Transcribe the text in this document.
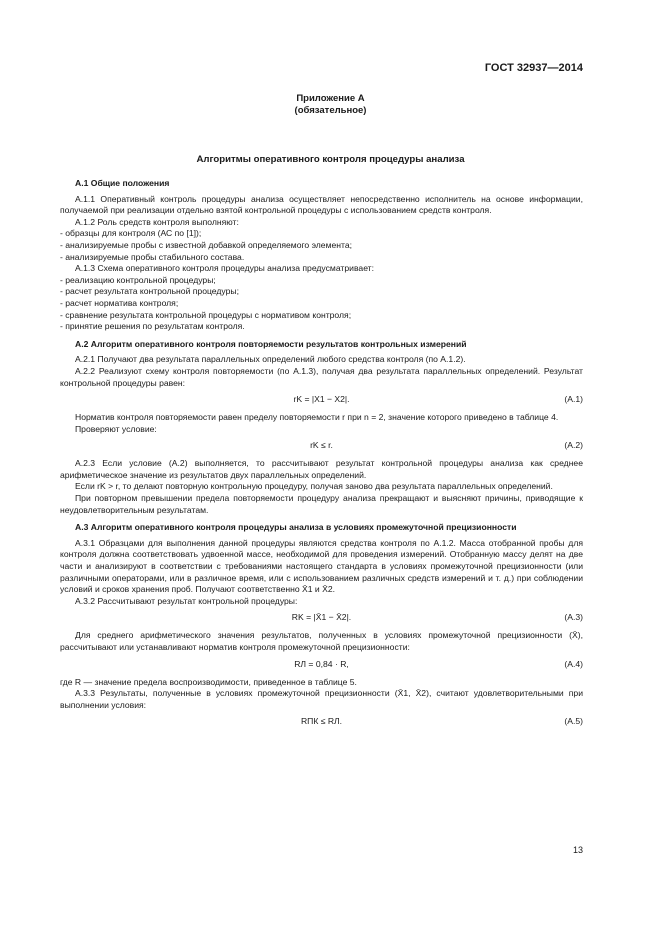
ГОСТ 32937—2014
Приложение А
(обязательное)
Алгоритмы оперативного контроля процедуры анализа

А.1 Общие положения

А.1.1 Оперативный контроль процедуры анализа осуществляет непосредственно исполнитель на основе информации, получаемой при реализации отдельно взятой контрольной процедуры с использованием средств контроля.

А.1.2 Роль средств контроля выполняют:

- образцы для контроля (АС по [1]);

- анализируемые пробы с известной добавкой определяемого элемента;

- анализируемые пробы стабильного состава.

А.1.3 Схема оперативного контроля процедуры анализа предусматривает:

- реализацию контрольной процедуры;

- расчет результата контрольной процедуры;

- расчет норматива контроля;

- сравнение результата контрольной процедуры с нормативом контроля;

- принятие решения по результатам контроля.

А.2 Алгоритм оперативного контроля повторяемости результатов контрольных измерений

А.2.1 Получают два результата параллельных определений любого средства контроля (по А.1.2).

А.2.2 Реализуют схему контроля повторяемости (по А.1.3), получая два результата параллельных определений. Результат контрольной процедуры равен:

rK = |X1 − X2|.	(А.1)

Норматив контроля повторяемости равен пределу повторяемости r при n = 2, значение которого приведено в таблице 4.

Проверяют условие:

rK ≤ r.	(А.2)

А.2.3 Если условие (А.2) выполняется, то рассчитывают результат контрольной процедуры анализа как среднее арифметическое значение из результатов двух параллельных определений.

Если rK > r, то делают повторную контрольную процедуру, получая заново два результата параллельных определений.

При повторном превышении предела повторяемости процедуру анализа прекращают и выясняют причины, приводящие к неудовлетворительным результатам.

А.3 Алгоритм оперативного контроля процедуры анализа в условиях промежуточной прецизионности

А.3.1 Образцами для выполнения данной процедуры являются средства контроля по А.1.2. Масса отобранной пробы для контроля должна соответствовать удвоенной массе, необходимой для проведения измерений. Отобранную массу делят на две части и анализируют в соответствии с требованиями настоящего стандарта в условиях промежуточной прецизионности (или различными операторами, или в различное время, или с использованием различных средств измерений и т. д.) при соблюдении условий и сроков хранения проб. Получают соответственно X̄1 и X̄2.

А.3.2 Рассчитывают результат контрольной процедуры:

RK = |X̄1 − X̄2|.	(А.3)

Для среднего арифметического значения результатов, полученных в условиях промежуточной прецизионности (X̄), рассчитывают или устанавливают норматив контроля промежуточной прецизионности:

RЛ = 0,84 · R,	(А.4)

где R — значение предела воспроизводимости, приведенное в таблице 5.

А.3.3 Результаты, полученные в условиях промежуточной прецизионности (X̄1, X̄2), считают удовлетворительными при выполнении условия:

RПК ≤ RЛ.	(А.5)
13
